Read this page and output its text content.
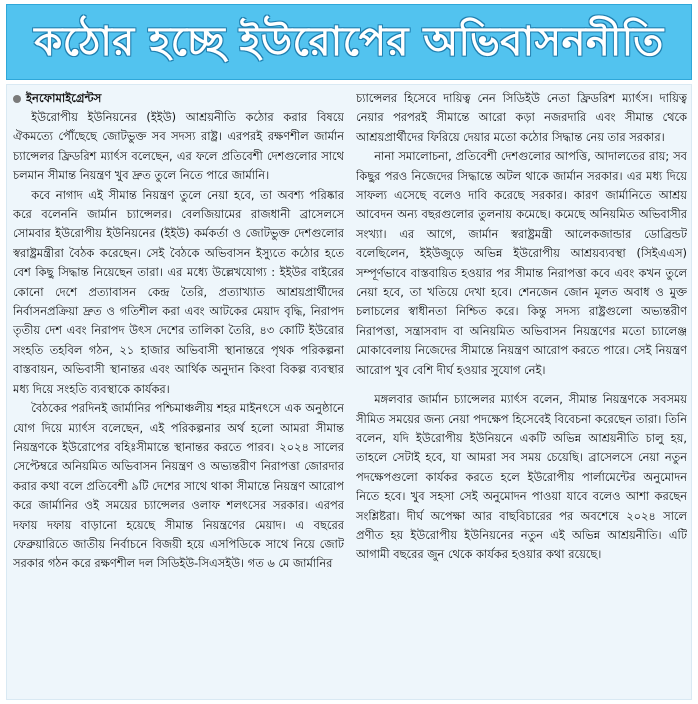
কঠোর হচ্ছে ইউরোপের অভিবাসননীতি
ইনফোমাইগ্রেন্টস

ইউরোপীয় ইউনিয়নের (ইইউ) আশ্রয়নীতি কঠোর করার বিষয়ে ঐকমত্যে পৌঁছেছে জোটভুক্ত সব সদস্য রাষ্ট্র। এরপরই রক্ষণশীল জার্মান চ্যান্সেলর ফ্রিডরিশ ম্যার্ৎস বলেছেন, এর ফলে প্রতিবেশী দেশগুলোর সাথে চলমান সীমান্ত নিয়ন্ত্রণ খুব দ্রুত তুলে নিতে পারে জার্মানি।

কবে নাগাদ এই সীমান্ত নিয়ন্ত্রণ তুলে নেয়া হবে, তা অবশ্য পরিষ্কার করে বলেননি জার্মান চ্যান্সেলর। বেলজিয়ামের রাজধানী ব্রাসেলসে সোমবার ইউরোপীয় ইউনিয়নের (ইইউ) কর্মকর্তা ও জোটভুক্ত দেশগুলোর স্বরাষ্ট্রমন্ত্রীরা বৈঠক করেছেন। সেই বৈঠকে অভিবাসন ইস্যুতে কঠোর হতে বেশ কিছু সিদ্ধান্ত নিয়েছেন তারা। এর মধ্যে উল্লেখযোগ্য : ইইউর বাইরের কোনো দেশে প্রত্যাবাসন কেন্দ্র তৈরি, প্রত্যাখ্যাত আশ্রয়প্রার্থীদের নির্বাসনপ্রক্রিয়া দ্রুত ও গতিশীল করা এবং আটকের মেয়াদ বৃদ্ধি, নিরাপদ তৃতীয় দেশ এবং নিরাপদ উৎস দেশের তালিকা তৈরি, ৪৩ কোটি ইউরোর সংহতি তহবিল গঠন, ২১ হাজার অভিবাসী স্থানান্তরে পৃথক পরিকল্পনা বাস্তবায়ন, অভিবাসী স্থানান্তর এবং আর্থিক অনুদান কিংবা বিকল্প ব্যবস্থার মধ্য দিয়ে সংহতি ব্যবস্থাকে কার্যকর।

বৈঠকের পরদিনই জার্মানির পশ্চিমাঞ্চলীয় শহর মাইনৎসে এক অনুষ্ঠানে যোগ দিয়ে ম্যার্ৎস বলেছেন, এই পরিকল্পনার অর্থ হলো আমরা সীমান্ত নিয়ন্ত্রণকে ইউরোপের বহিঃসীমান্তে স্থানান্তর করতে পারব। ২০২৪ সালের সেপ্টেম্বরে অনিয়মিত অভিবাসন নিয়ন্ত্রণ ও অভ্যন্তরীণ নিরাপত্তা জোরদার করার কথা বলে প্রতিবেশী ৯টি দেশের সাথে থাকা সীমান্তে নিয়ন্ত্রণ আরোপ করে জার্মানির ওই সময়ের চ্যান্সেলর ওলাফ শলৎসের সরকার। এরপর দফায় দফায় বাড়ানো হয়েছে সীমান্ত নিয়ন্ত্রণের মেয়াদ। এ বছরের ফেব্রুয়ারিতে জাতীয় নির্বাচনে বিজয়ী হয়ে এসপিডিকে সাথে নিয়ে জোট সরকার গঠন করে রক্ষণশীল দল সিডিইউ-সিএসইউ। গত ৬ মে জার্মানির

চ্যান্সেলর হিসেবে দায়িত্ব নেন সিডিইউ নেতা ফ্রিডরিশ ম্যার্ৎস। দায়িত্ব নেয়ার পরপরই সীমান্তে আরো কড়া নজরদারি এবং সীমান্ত থেকে আশ্রয়প্রার্থীদের ফিরিয়ে দেয়ার মতো কঠোর সিদ্ধান্ত নেয় তার সরকার।

নানা সমালোচনা, প্রতিবেশী দেশগুলোর আপত্তি, আদালতের রায়; সব কিছুর পরও নিজেদের সিদ্ধান্তে অটল থাকে জার্মান সরকার। এর মধ্য দিয়ে সাফল্য এসেছে বলেও দাবি করেছে সরকার। কারণ জার্মানিতে আশ্রয় আবেদন অন্য বছরগুলোর তুলনায় কমেছে। কমেছে অনিয়মিত অভিবাসীর সংখ্যা। এর আগে, জার্মান স্বরাষ্ট্রমন্ত্রী আলেকজান্ডার ডোব্রিন্ডট বলেছিলেন, ইইউজুড়ে অভিন্ন ইউরোপীয় আশ্রয়ব্যবস্থা (সিইএএস) সম্পূর্ণভাবে বাস্তবায়িত হওয়ার পর সীমান্ত নিরাপত্তা কবে এবং কখন তুলে নেয়া হবে, তা খতিয়ে দেখা হবে। শেনজেন জোন মূলত অবাধ ও মুক্ত চলাচলের স্বাধীনতা নিশ্চিত করে। কিন্তু সদস্য রাষ্ট্রগুলো অভ্যন্তরীণ নিরাপত্তা, সন্ত্রাসবাদ বা অনিয়মিত অভিবাসন নিয়ন্ত্রণের মতো চ্যালেঞ্জ মোকাবেলায় নিজেদের সীমান্তে নিয়ন্ত্রণ আরোপ করতে পারে। সেই নিয়ন্ত্রণ আরোপ খুব বেশি দীর্ঘ হওয়ার সুযোগ নেই।

মঙ্গলবার জার্মান চ্যান্সেলর ম্যার্ৎস বলেন, সীমান্ত নিয়ন্ত্রণকে সবসময় সীমিত সময়ের জন্য নেয়া পদক্ষেপ হিসেবেই বিবেচনা করেছেন তারা। তিনি বলেন, যদি ইউরোপীয় ইউনিয়নে একটি অভিন্ন আশ্রয়নীতি চালু হয়, তাহলে সেটাই হবে, যা আমরা সব সময় চেয়েছি। ব্রাসেলসে নেয়া নতুন পদক্ষেপগুলো কার্যকর করতে হলে ইউরোপীয় পার্লামেন্টের অনুমোদন নিতে হবে। খুব সহসা সেই অনুমোদন পাওয়া যাবে বলেও আশা করছেন সংশ্লিষ্টরা। দীর্ঘ অপেক্ষা আর বাছবিচারের পর অবশেষে ২০২৪ সালে প্রণীত হয় ইউরোপীয় ইউনিয়নের নতুন এই অভিন্ন আশ্রয়নীতি। এটি আগামী বছরের জুন থেকে কার্যকর হওয়ার কথা রয়েছে।
